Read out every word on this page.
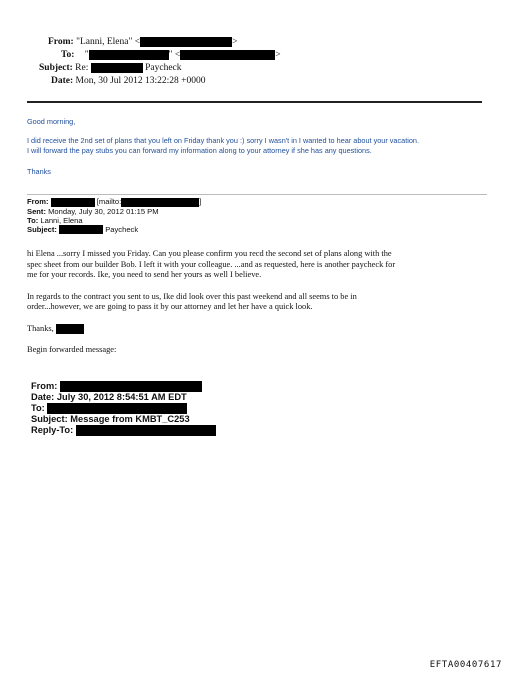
From: "Lanni, Elena" <	>
To: "	" <	>
Subject: Re:	Paycheck
Date: Mon, 30 Jul 2012 13:22:28 +0000
Good morning,
I did receive the 2nd set of plans that you left on Friday thank you :) sorry I wasn't in I wanted to hear about your vacation.
I will forward the pay stubs you can forward my information along to your attorney if she has any questions.
Thanks
From:	[mailto:	]
Sent: Monday, July 30, 2012 01:15 PM
To: Lanni, Elena
Subject:	Paycheck
hi Elena ...sorry I missed you Friday. Can you please confirm you recd the second set of plans along with the
spec sheet from our builder Bob. I left it with your colleague. ...and as requested, here is another paycheck for
me for your records. Ike, you need to send her yours as well I believe.
In regards to the contract you sent to us, Ike did look over this past weekend and all seems to be in
order...however, we are going to pass it by our attorney and let her have a quick look.
Thanks,
Begin forwarded message:
From:
Date: July 30, 2012 8:54:51 AM EDT
To:
Subject: Message from KMBT_C253
Reply-To:
EFTA00407617
